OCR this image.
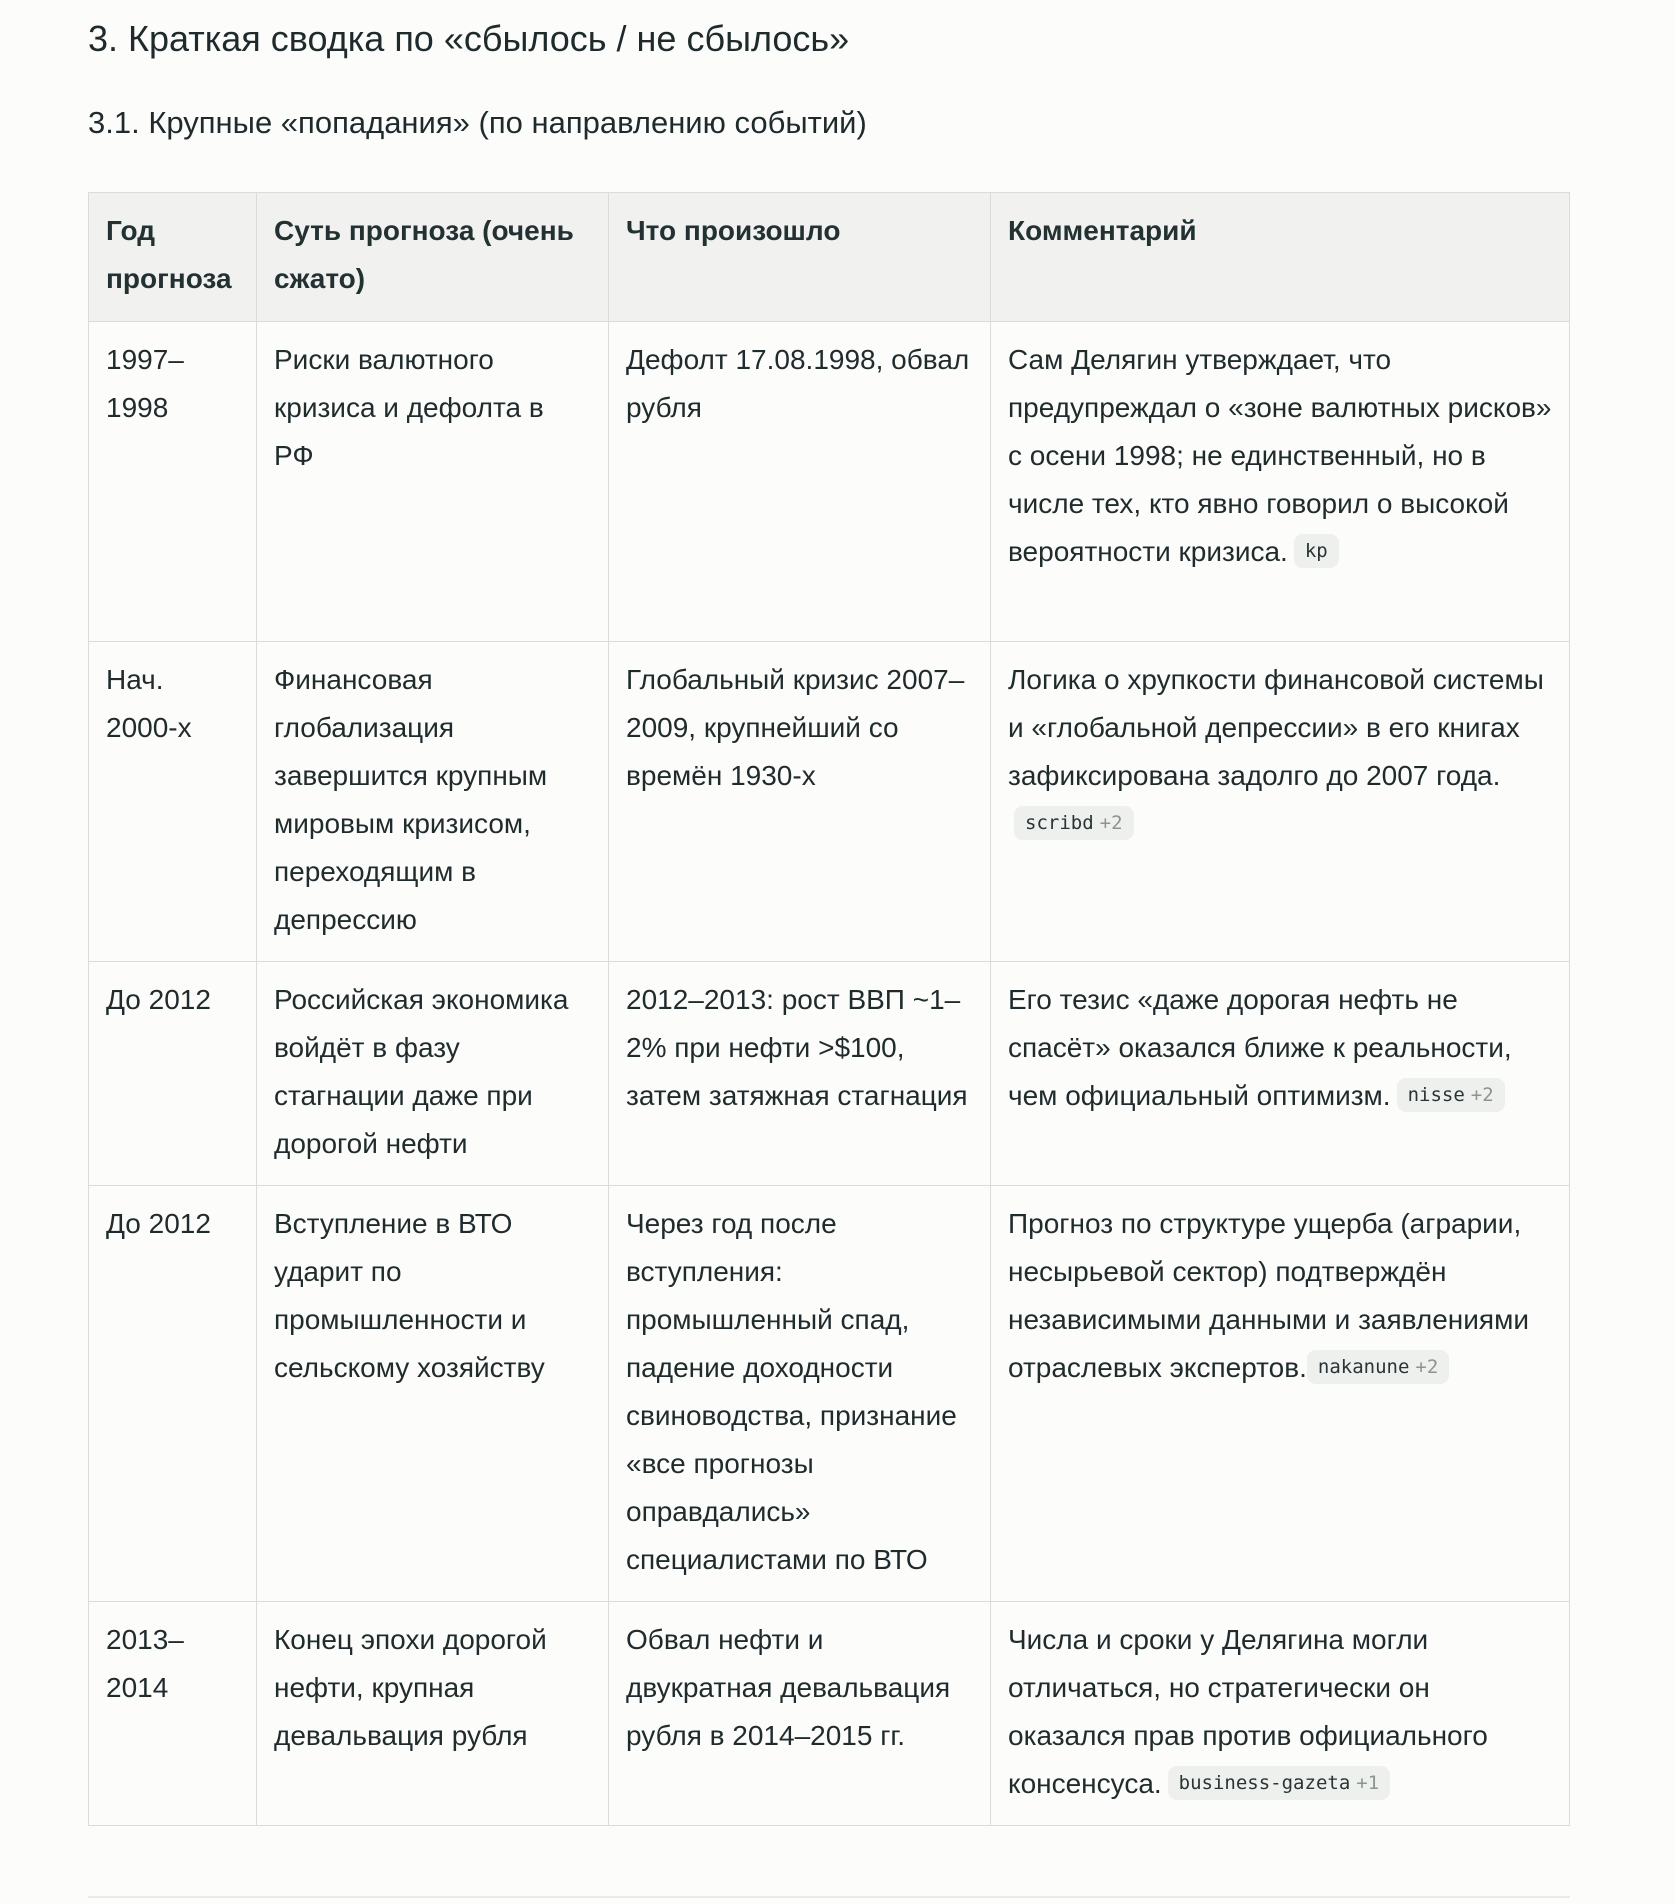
3. Краткая сводка по «сбылось / не сбылось»
3.1. Крупные «попадания» (по направлению событий)
Год прогноза	Суть прогноза (очень сжато)	Что произошло	Комментарий
1997–1998	Риски валютного кризиса и дефолта в РФ	Дефолт 17.08.1998, обвал рубля	Сам Делягин утверждает, что предупреждал о «зоне валютных рисков» с осени 1998; не единственный, но в числе тех, кто явно говорил о высокой вероятности кризиса. kp
Нач. 2000-х	Финансовая глобализация завершится крупным мировым кризисом, переходящим в депрессию	Глобальный кризис 2007–2009, крупнейший со времён 1930-х	Логика о хрупкости финансовой системы и «глобальной депрессии» в его книгах зафиксирована задолго до 2007 года.scribd +2
До 2012	Российская экономика войдёт в фазу стагнации даже при дорогой нефти	2012–2013: рост ВВП ~1–2% при нефти >$100, затем затяжная стагнация	Его тезис «даже дорогая нефть не спасёт» оказался ближе к реальности, чем официальный оптимизм. nisse +2
До 2012	Вступление в ВТО ударит по промышленности и сельскому хозяйству	Через год после вступления: промышленный спад, падение доходности свиноводства, признание «все прогнозы оправдались» специалистами по ВТО	Прогноз по структуре ущерба (аграрии, несырьевой сектор) подтверждён независимыми данными и заявлениями отраслевых экспертов. nakanune +2
2013–2014	Конец эпохи дорогой нефти, крупная девальвация рубля	Обвал нефти и двукратная девальвация рубля в 2014–2015 гг.	Числа и сроки у Делягина могли отличаться, но стратегически он оказался прав против официального консенсуса. business-gazeta +1
